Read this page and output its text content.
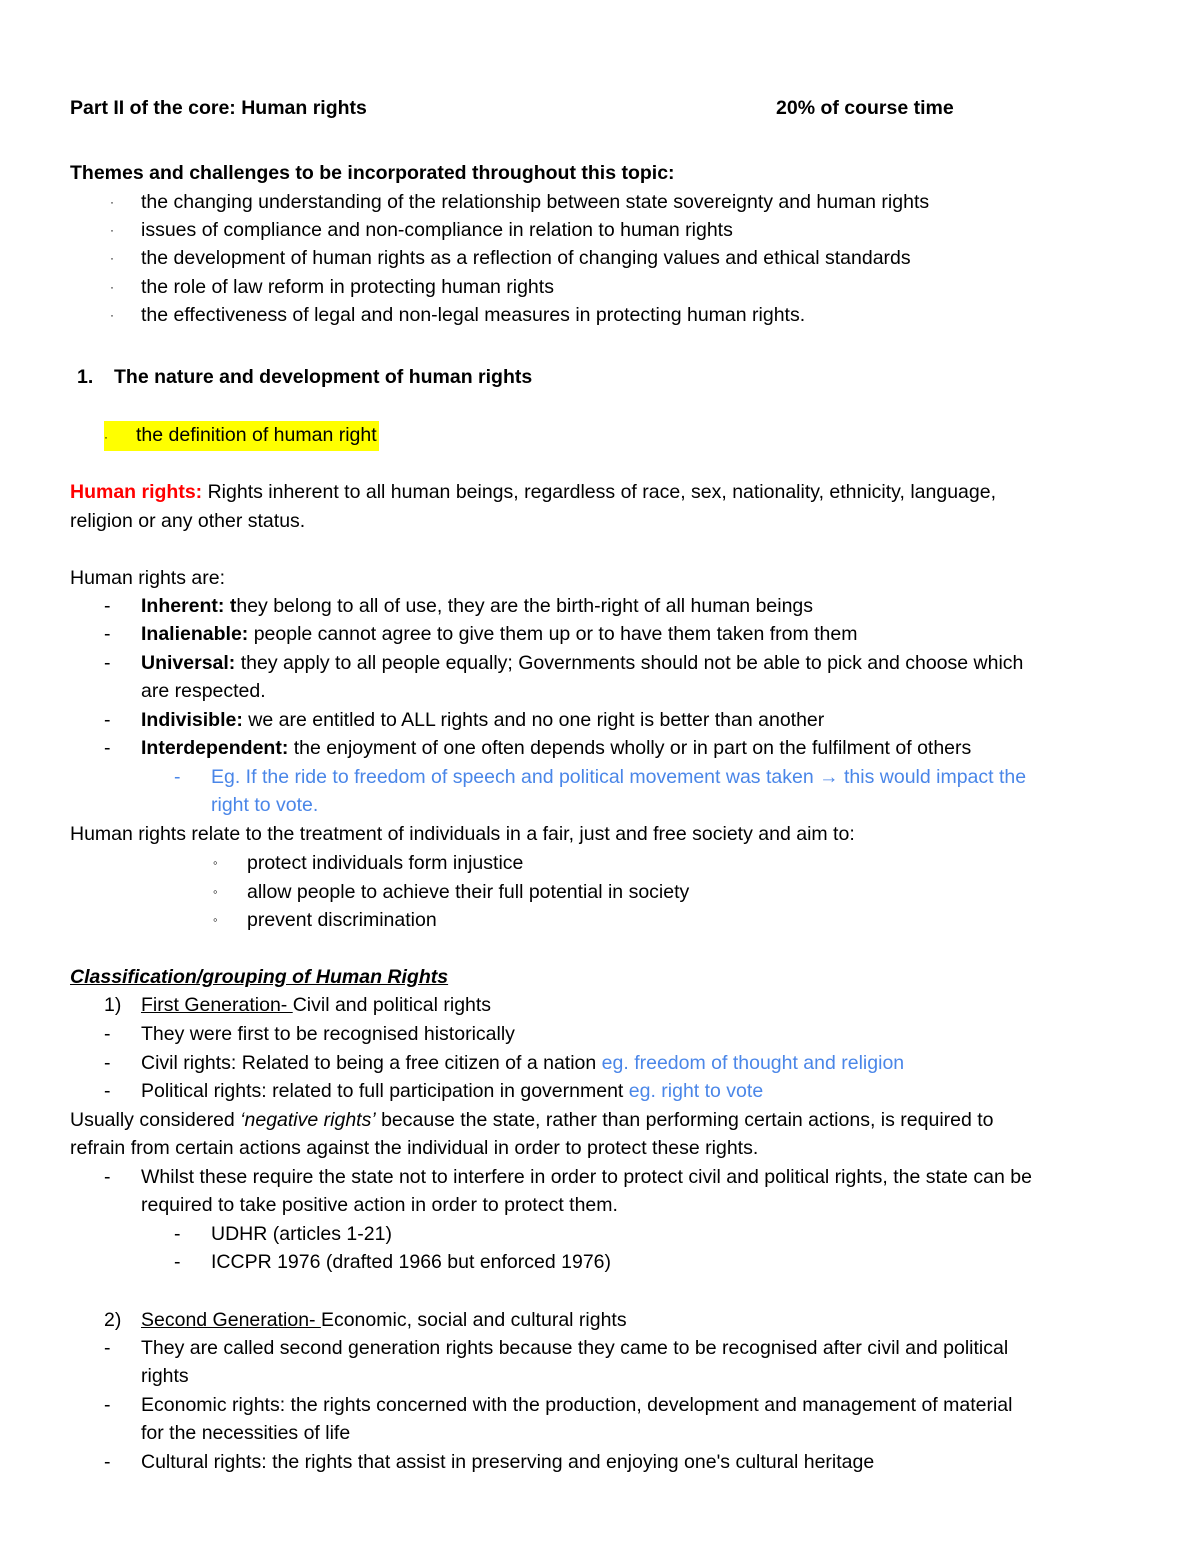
Part II of the core: Human rights	20% of course time
Themes and challenges to be incorporated throughout this topic:
· the changing understanding of the relationship between state sovereignty and human rights
· issues of compliance and non-compliance in relation to human rights
· the development of human rights as a reflection of changing values and ethical standards
· the role of law reform in protecting human rights
· the effectiveness of legal and non-legal measures in protecting human rights.
1. The nature and development of human rights
· the definition of human right
Human rights: Rights inherent to all human beings, regardless of race, sex, nationality, ethnicity, language,
religion or any other status.
Human rights are:
- Inherent: they belong to all of use, they are the birth-right of all human beings
- Inalienable: people cannot agree to give them up or to have them taken from them
- Universal: they apply to all people equally; Governments should not be able to pick and choose which
are respected.
- Indivisible: we are entitled to ALL rights and no one right is better than another
- Interdependent: the enjoyment of one often depends wholly or in part on the fulfilment of others
- Eg. If the ride to freedom of speech and political movement was taken → this would impact the
right to vote.
Human rights relate to the treatment of individuals in a fair, just and free society and aim to:
◦ protect individuals form injustice
◦ allow people to achieve their full potential in society
◦ prevent discrimination
Classification/grouping of Human Rights
1) First Generation- Civil and political rights
- They were first to be recognised historically
- Civil rights: Related to being a free citizen of a nation eg. freedom of thought and religion
- Political rights: related to full participation in government eg. right to vote
Usually considered ‘negative rights’ because the state, rather than performing certain actions, is required to
refrain from certain actions against the individual in order to protect these rights.
- Whilst these require the state not to interfere in order to protect civil and political rights, the state can be
required to take positive action in order to protect them.
- UDHR (articles 1-21)
- ICCPR 1976 (drafted 1966 but enforced 1976)
2) Second Generation- Economic, social and cultural rights
- They are called second generation rights because they came to be recognised after civil and political
rights
- Economic rights: the rights concerned with the production, development and management of material
for the necessities of life
- Cultural rights: the rights that assist in preserving and enjoying one's cultural heritage
